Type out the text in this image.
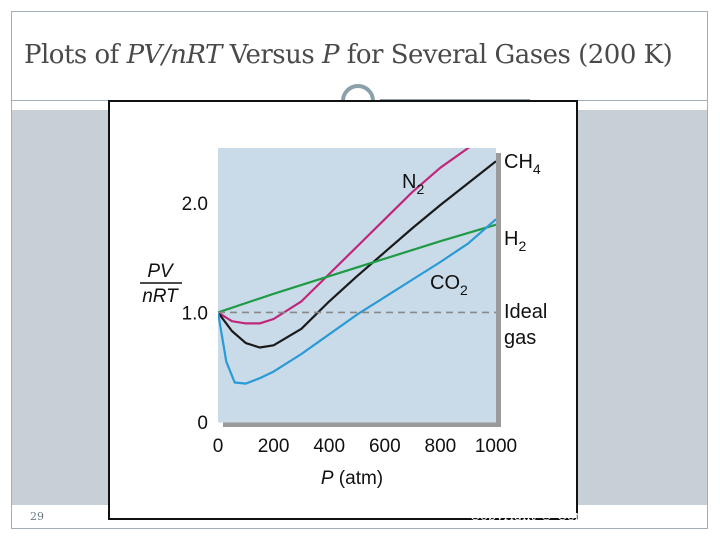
Plots of PV/nRT Versus P for Several Gases (200 K)
0 200 400 600 800 1000
0
1.0
2.0
P (atm)
PV
nRT
$N_2$
$CH_4$
$H_2$
$CO_2$
Ideal
gas
29	Copyright © Cengage Learning. All
